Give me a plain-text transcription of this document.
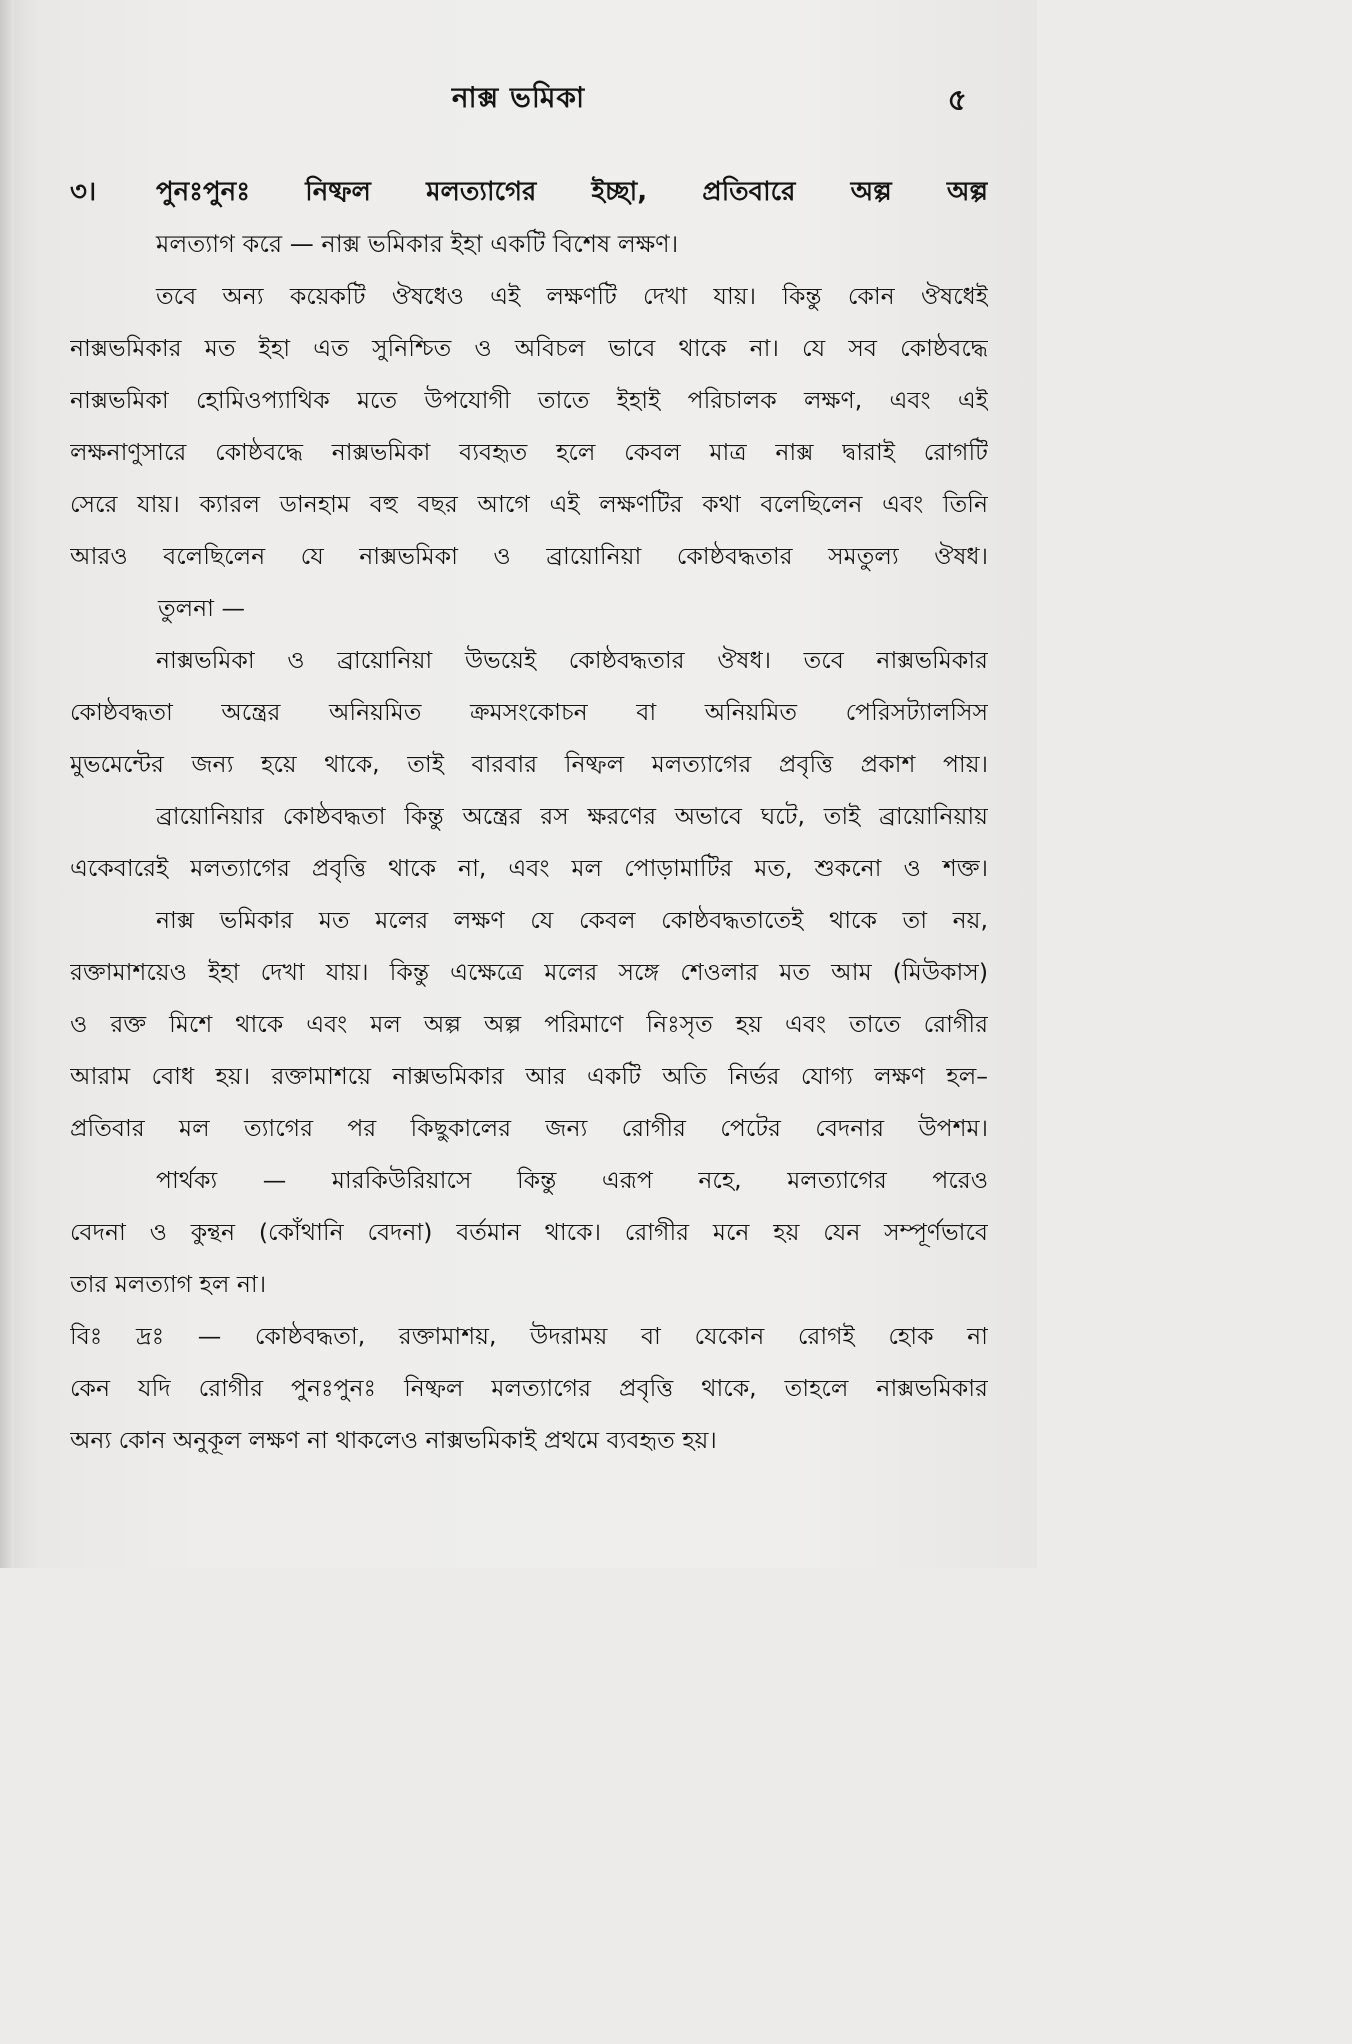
নাক্স ভমিকা	৫
৩।	পুনঃপুনঃ নিষ্ফল মলত্যাগের ইচ্ছা, প্রতিবারে অল্প অল্প
মলত্যাগ করে — নাক্স ভমিকার ইহা একটি বিশেষ লক্ষণ।
তবে অন্য কয়েকটি ঔষধেও এই লক্ষণটি দেখা যায়। কিন্তু কোন ঔষধেই
নাক্সভমিকার মত ইহা এত সুনিশ্চিত ও অবিচল ভাবে থাকে না। যে সব কোষ্ঠবদ্ধে
নাক্সভমিকা হোমিওপ্যাথিক মতে উপযোগী তাতে ইহাই পরিচালক লক্ষণ, এবং এই
লক্ষনাণুসারে কোষ্ঠবদ্ধে নাক্সভমিকা ব্যবহৃত হলে কেবল মাত্র নাক্স দ্বারাই রোগটি
সেরে যায়। ক্যারল ডানহাম বহু বছর আগে এই লক্ষণটির কথা বলেছিলেন এবং তিনি
আরও বলেছিলেন যে নাক্সভমিকা ও ব্রায়োনিয়া কোষ্ঠবদ্ধতার সমতুল্য ঔষধ।
তুলনা —
নাক্সভমিকা ও ব্রায়োনিয়া উভয়েই কোষ্ঠবদ্ধতার ঔষধ। তবে নাক্সভমিকার
কোষ্ঠবদ্ধতা অন্ত্রের অনিয়মিত ক্রমসংকোচন বা অনিয়মিত পেরিসট্যালসিস
মুভমেন্টের জন্য হয়ে থাকে, তাই বারবার নিষ্ফল মলত্যাগের প্রবৃত্তি প্রকাশ পায়।
ব্রায়োনিয়ার কোষ্ঠবদ্ধতা কিন্তু অন্ত্রের রস ক্ষরণের অভাবে ঘটে, তাই ব্রায়োনিয়ায়
একেবারেই মলত্যাগের প্রবৃত্তি থাকে না, এবং মল পোড়ামাটির মত, শুকনো ও শক্ত।
নাক্স ভমিকার মত মলের লক্ষণ যে কেবল কোষ্ঠবদ্ধতাতেই থাকে তা নয়,
রক্তামাশয়েও ইহা দেখা যায়। কিন্তু এক্ষেত্রে মলের সঙ্গে শেওলার মত আম (মিউকাস)
ও রক্ত মিশে থাকে এবং মল অল্প অল্প পরিমাণে নিঃসৃত হয় এবং তাতে রোগীর
আরাম বোধ হয়। রক্তামাশয়ে নাক্সভমিকার আর একটি অতি নির্ভর যোগ্য লক্ষণ হল–
প্রতিবার মল ত্যাগের পর কিছুকালের জন্য রোগীর পেটের বেদনার উপশম।
পার্থক্য — মারকিউরিয়াসে কিন্তু এরূপ নহে, মলত্যাগের পরেও
বেদনা ও কুন্থন (কোঁথানি বেদনা) বর্তমান থাকে। রোগীর মনে হয় যেন সম্পূর্ণভাবে
তার মলত্যাগ হল না।
বিঃ দ্রঃ — কোষ্ঠবদ্ধতা, রক্তামাশয়, উদরাময় বা যেকোন রোগই হোক না
কেন যদি রোগীর পুনঃপুনঃ নিষ্ফল মলত্যাগের প্রবৃত্তি থাকে, তাহলে নাক্সভমিকার
অন্য কোন অনুকূল লক্ষণ না থাকলেও নাক্সভমিকাই প্রথমে ব্যবহৃত হয়।
